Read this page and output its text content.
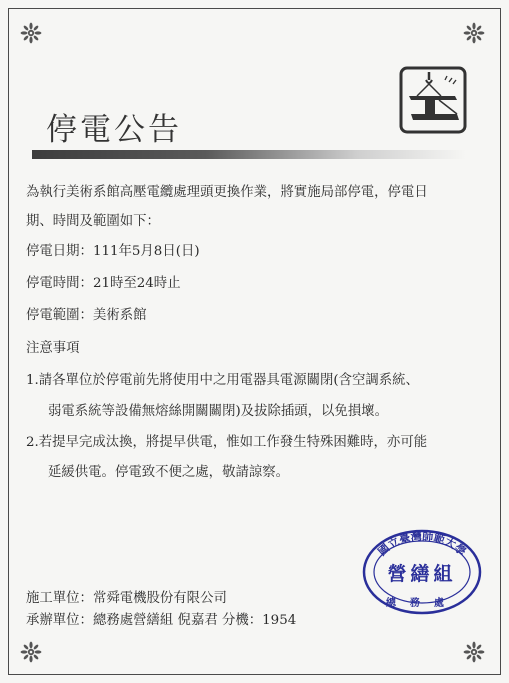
停電公告
為執行美術系館高壓電纜處理頭更換作業，將實施局部停電，停電日
期、時間及範圍如下：
停電日期：111年5月8日(日)
停電時間：21時至24時止
停電範圍：美術系館
注意事項
1.請各單位於停電前先將使用中之用電器具電源關閉(含空調系統、
弱電系統等設備無熔絲開關關閉)及拔除插頭，以免損壞。
2.若提早完成汰換，將提早供電，惟如工作發生特殊困難時，亦可能
延緩供電。停電致不便之處，敬請諒察。
施工單位：常舜電機股份有限公司
承辦單位：總務處營繕組 倪嘉君 分機：1954
國立臺灣師範大學
營繕組
總務處
